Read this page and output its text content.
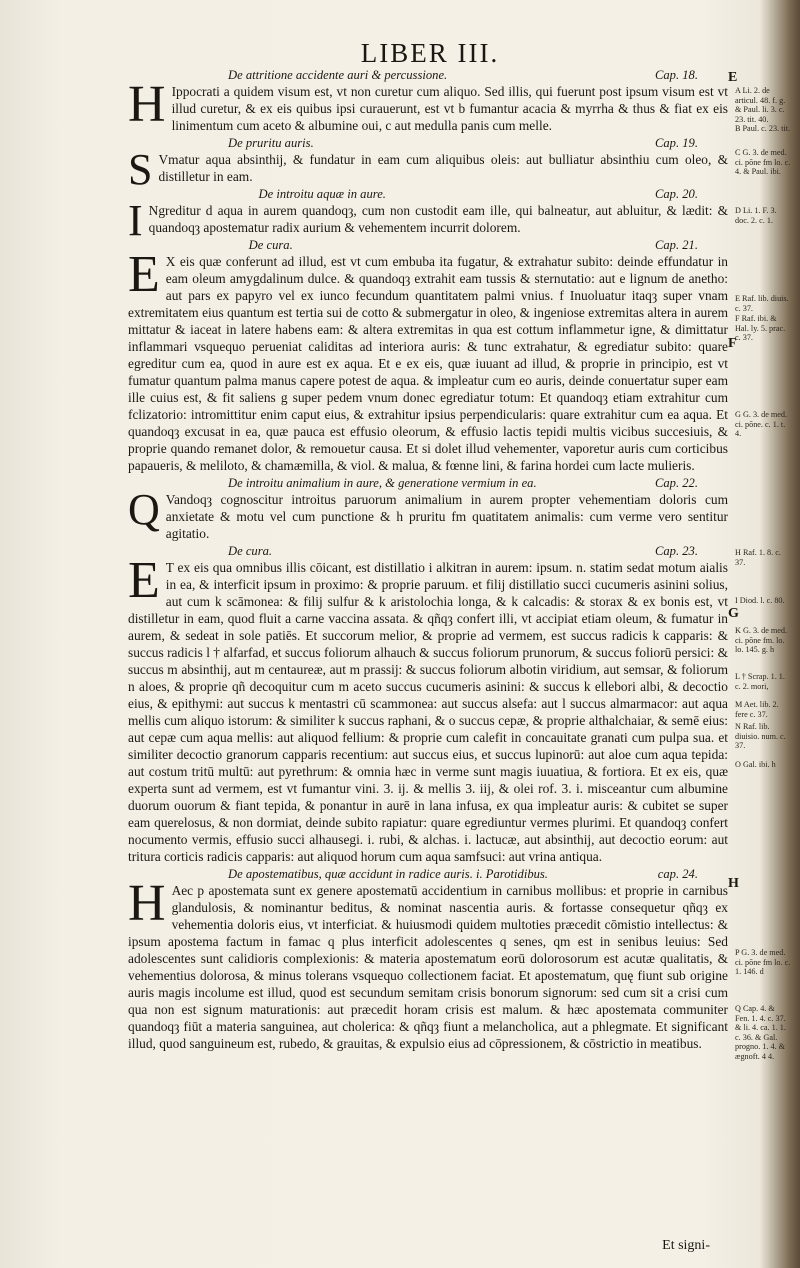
LIBER III.
De attritione accidente auri & percussione.	Cap. 18.

H Ippocrati a quidem visum est, vt non curetur cum aliquo. Sed illis, qui fuerunt post ipsum visum est vt illud curetur, & ex eis quibus ipsi curauerunt, est vt b fumantur acacia & myrrha & thus & fiat ex eis linimentum cum aceto & albumine oui, c aut medulla panis cum melle.

De pruritu auris.	Cap. 19.

S Vmatur aqua absinthij, & fundatur in eam cum aliquibus oleis: aut bulliatur absinthiu cum oleo, & distilletur in eam.

De introitu aquæ in aure.	Cap. 20.

I Ngreditur d aqua in aurem quandoqȝ, cum non custodit eam ille, qui balneatur, aut abluitur, & lædit: & quandoqȝ apostematur radix aurium & vehementem incurrit dolorem.

De cura.	Cap. 21.

E X eis quæ conferunt ad illud, est vt cum embuba ita fugatur, & extrahatur subito: deinde effundatur in eam oleum amygdalinum dulce. & quandoqȝ extrahit eam tussis & sternutatio: aut e lignum de anetho: aut pars ex papyro vel ex iunco fecundum quantitatem palmi vnius. f Inuoluatur itaqȝ super vnam extremitatem eius quantum est tertia sui de cotto & submergatur in oleo, & ingeniose extremitas altera in aurem mittatur & iaceat in latere habens eam: & altera extremitas in qua est cottum inflammetur igne, & dimittatur inflammari vsquequo perueniat caliditas ad interiora auris: & tunc extrahatur, & egrediatur subito: quare egreditur cum ea, quod in aure est ex aqua. Et e ex eis, quæ iuuant ad illud, & proprie in principio, est vt fumatur quantum palma manus capere potest de aqua. & impleatur cum eo auris, deinde conuertatur super eam ille cuius est, & fit saliens g super pedem vnum donec egrediatur totum: Et quandoqȝ etiam extrahitur cum fclizatorio: intromittitur enim caput eius, & extrahitur ipsius perpendicularis: quare extrahitur cum ea aqua. Et quandoqȝ excusat in ea, quæ pauca est effusio oleorum, & effusio lactis tepidi multis vicibus succesiuis, & proprie quando remanet dolor, & remouetur causa. Et si dolet illud vehementer, vaporetur auris cum corticibus papaueris, & meliloto, & chamæmilla, & viol. & malua, & fœnne lini, & farina hordei cum lacte mulieris.

De introitu animalium in aure, & generatione vermium in ea.	Cap. 22.

Q Vandoqȝ cognoscitur introitus paruorum animalium in aurem propter vehementiam doloris cum anxietate & motu vel cum punctione & h pruritu fm quatitatem animalis: cum verme vero sentitur agitatio.

De cura.	Cap. 23.

E T ex eis qua omnibus illis cōicant, est distillatio i alkitran in aurem: ipsum. n. statim sedat motum aialis in ea, & interficit ipsum in proximo: & proprie paruum. et filij distillatio succi cucumeris asinini solius, aut cum k scāmonea: & filij sulfur & k aristolochia longa, & k calcadis: & storax & ex bonis est, vt distilletur in eam, quod fluit a carne vaccina assata. & qñqȝ confert illi, vt accipiat etiam oleum, & fumatur in aurem, & sedeat in sole patiēs. Et succorum melior, & proprie ad vermem, est succus radicis k capparis: & succus radicis l † alfarfad, et succus foliorum alhauch & succus foliorum prunorum, & succus foliorū persici: & succus m absinthij, aut m centaureæ, aut m prassij: & succus foliorum albotin viridium, aut semsar, & foliorum n aloes, & proprie qñ decoquitur cum m aceto succus cucumeris asinini: & succus k ellebori albi, & decoctio eius, & epithymi: aut succus k mentastri cū scammonea: aut succus alsefa: aut l succus almarmacor: aut aqua mellis cum aliquo istorum: & similiter k succus raphani, & o succus cepæ, & proprie althalchaiar, & semē eius: aut cepæ cum aqua mellis: aut aliquod fellium: & proprie cum calefit in concauitate granati cum pulpa sua. et similiter decoctio granorum capparis recentium: aut succus eius, et succus lupinorū: aut aloe cum aqua tepida: aut costum tritū multū: aut pyrethrum: & omnia hæc in verme sunt magis iuuatiua, & fortiora. Et ex eis, quæ experta sunt ad vermem, est vt fumantur vini. 3. ij. & mellis 3. iij, & olei rof. 3. i. misceantur cum albumine duorum ouorum & fiant tepida, & ponantur in aurē in lana infusa, ex qua impleatur auris: & cubitet se super eam querelosus, & non dormiat, deinde subito rapiatur: quare egrediuntur vermes plurimi. Et quandoqȝ confert nocumento vermis, effusio succi alhausegi. i. rubi, & alchas. i. lactucæ, aut absinthij, aut decoctio eorum: aut tritura corticis radicis capparis: aut aliquod horum cum aqua samfsuci: aut vrina antiqua.

De apostematibus, quæ accidunt in radice auris. i. Parotidibus.	cap. 24.

H Aec p apostemata sunt ex genere apostematū accidentium in carnibus mollibus: et proprie in carnibus glandulosis, & nominantur beditus, & nominat nascentia auris. & fortasse consequetur qñqȝ ex vehementia doloris eius, vt interficiat. & huiusmodi quidem multoties præcedit cōmistio intellectus: & ipsum apostema factum in famac q plus interficit adolescentes q senes, qm est in senibus leuius: Sed adolescentes sunt calidioris complexionis: & materia apostematum eorū dolorosorum est acutæ qualitatis, & vehementius dolorosa, & minus tolerans vsquequo collectionem faciat. Et apostematum, quę fiunt sub origine auris magis incolume est illud, quod est secundum semitam crisis bonorum signorum: sed cum sit a crisi cum qua non est signum maturationis: aut præcedit horam crisis est malum. & hæc apostemata communiter quandoqȝ fiūt a materia sanguinea, aut cholerica: & qñqȝ fiunt a melancholica, aut a phlegmate. Et significant illud, quod sanguineum est, rubedo, & grauitas, & expulsio eius ad cōpressionem, & cōstrictio in meatibus.

A Li. 2. de articul. 48. f. g. & Paul. li. 3. c. 23. tit. 40.
B Paul. c. 23. tit.
C G. 3. de med. ci. pōne fm lo. c. 4. & Paul. ibi.
D Li. 1. F. 3. doc. 2. c. 1.
E Raf. lib. diuis. c. 37.
F Raf. ibi. & Hal. ly. 5. prac. c. 37.
G G. 3. de med. ci. pōne. c. 1. t. 4.
H Raf. 1. 8. c. 37.
I Diod. l. c. 80.
K G. 3. de med. ci. pōne fm. lo. lo. 145. g. h
L † Scrap. 1. 1. c. 2. mori,
M Aet. lib. 2. fere c. 37.
N Raf. lib. diuisio. num. c. 37.
O Gal. ibi. h
P G. 3. de med. ci. pōne fm lo. c. 1. 146. d
Q Cap. 4. & Fen. 1. 4. c. 37. & li. 4. ca. 1. 1. c. 36. & Gal. progno. 1. 4. & ægnoft. 4 4.
E
F
G
H
Et signi-
